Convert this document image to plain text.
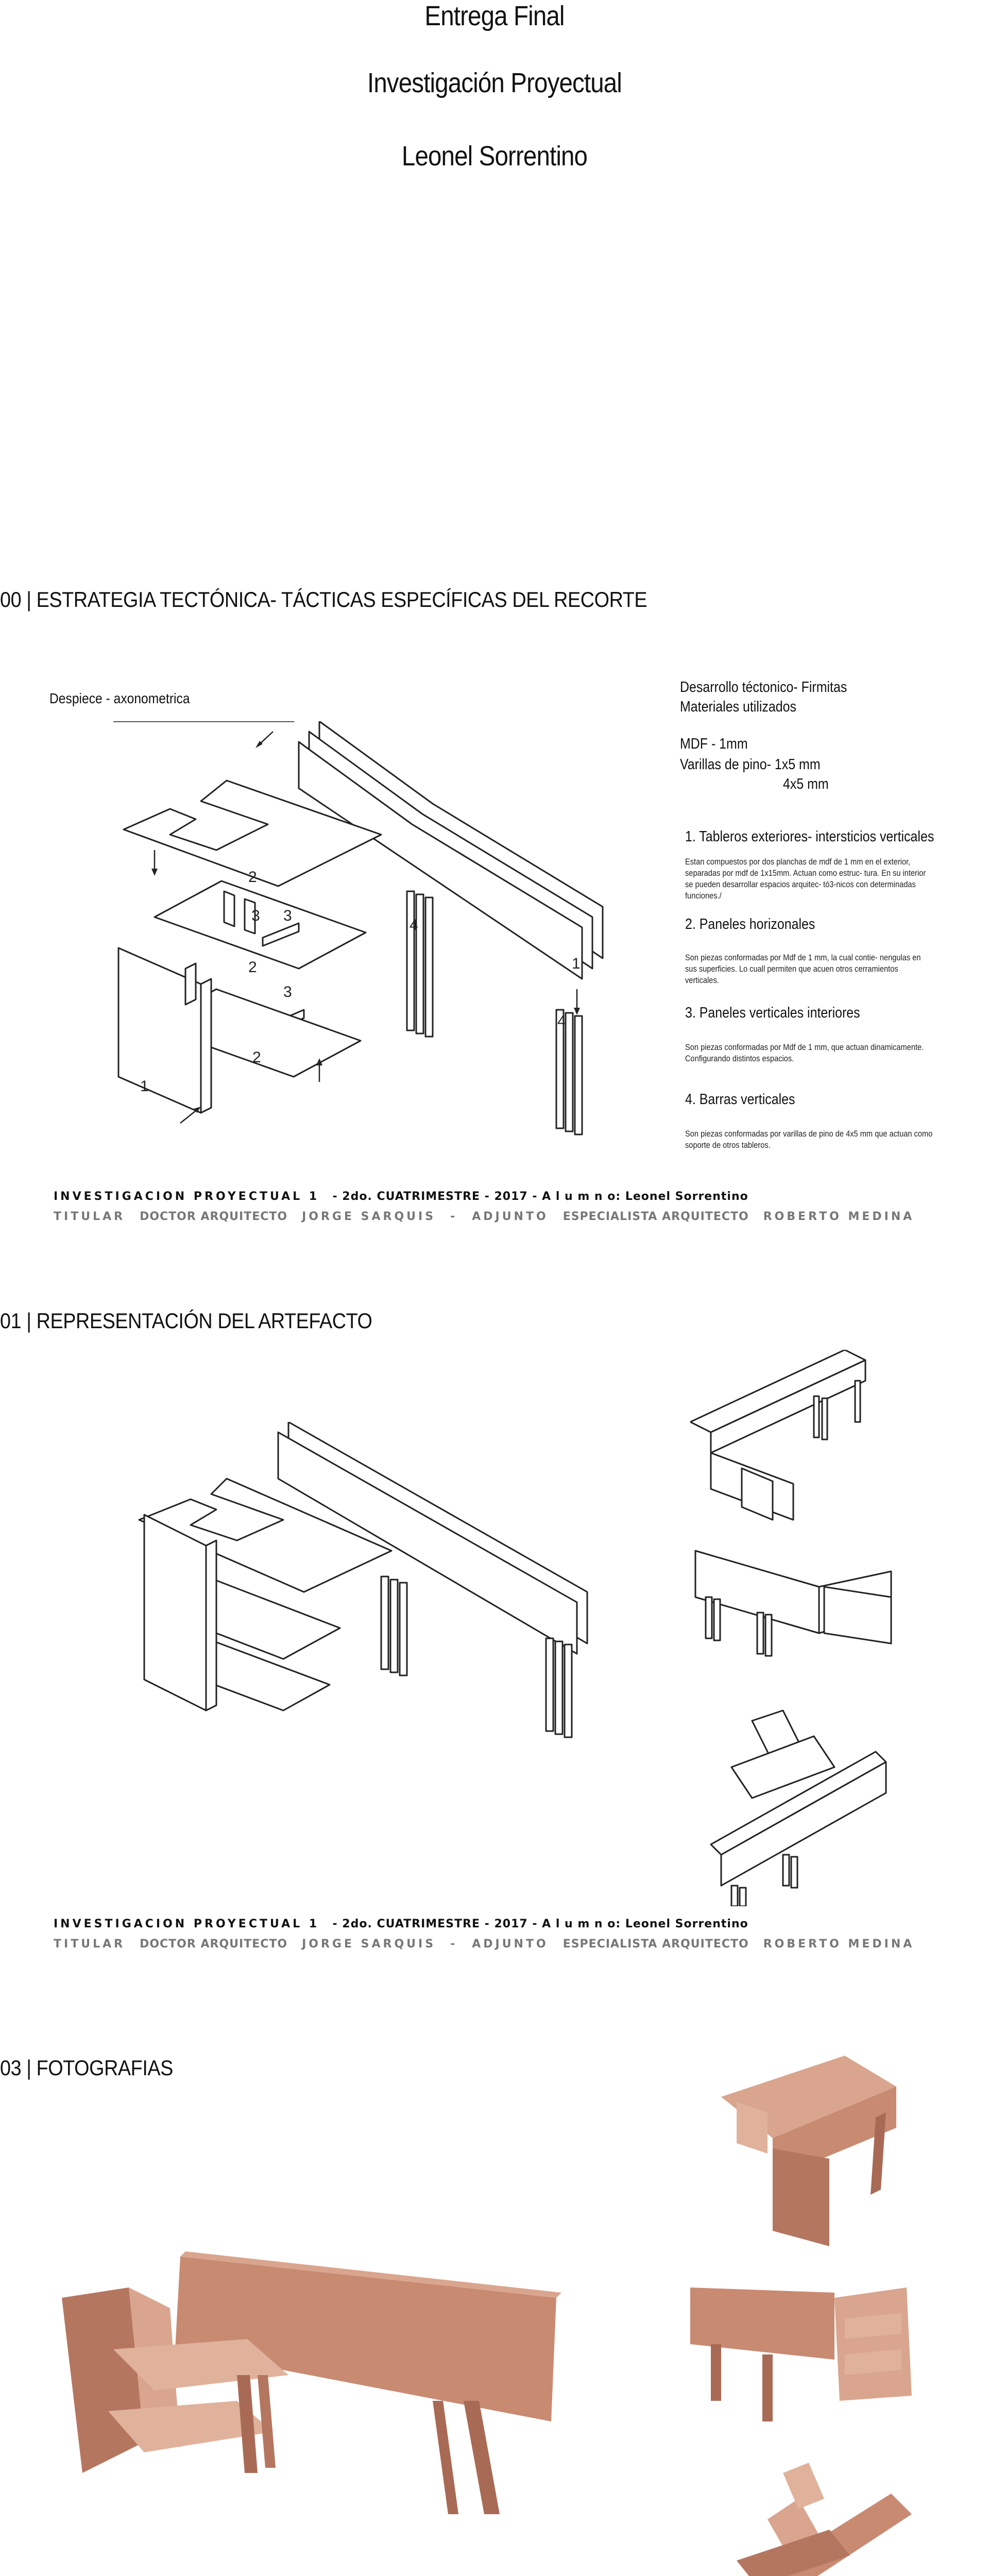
Entrega Final
Investigación Proyectual
Leonel Sorrentino
00 | ESTRATEGIA TECTÓNICA- TÁCTICAS ESPECÍFICAS DEL RECORTE
Despiece - axonometrica
2
2
2
3 3
3
4
4
1
1
Desarrollo téctonico- Firmitas
Materiales utilizados
MDF - 1mm
Varillas de pino- 1x5 mm
4x5 mm
1. Tableros exteriores- intersticios verticales
Estan compuestos por dos planchas de mdf de 1 mm en el exterior, separadas por mdf de 1x15mm. Actuan como estruc- tura. En su interior se pueden desarrollar espacios arquitec- tó3-nicos con determinadas funciones./
2. Paneles horizonales
Son piezas conformadas por Mdf de 1 mm, la cual contie- nengulas en sus superficies. Lo cuall permiten que acuen otros cerramientos verticales.
3. Paneles verticales interiores
Son piezas conformadas por Mdf de 1 mm, que actuan dinamicamente. Configurando distintos espacios.
4. Barras verticales
Son piezas conformadas por varillas de pino de 4x5 mm que actuan como soporte de otros tableros.
INVESTIGACION PROYECTUAL 1 - 2do. CUATRIMESTRE - 2017 - A l u m n o: Leonel Sorrentino
TITULAR DOCTOR ARQUITECTO JORGE SARQUIS - ADJUNTO ESPECIALISTA ARQUITECTO ROBERTO MEDINA
01 | REPRESENTACIÓN DEL ARTEFACTO
INVESTIGACION PROYECTUAL 1 - 2do. CUATRIMESTRE - 2017 - A l u m n o: Leonel Sorrentino
TITULAR DOCTOR ARQUITECTO JORGE SARQUIS - ADJUNTO ESPECIALISTA ARQUITECTO ROBERTO MEDINA
03 | FOTOGRAFIAS
